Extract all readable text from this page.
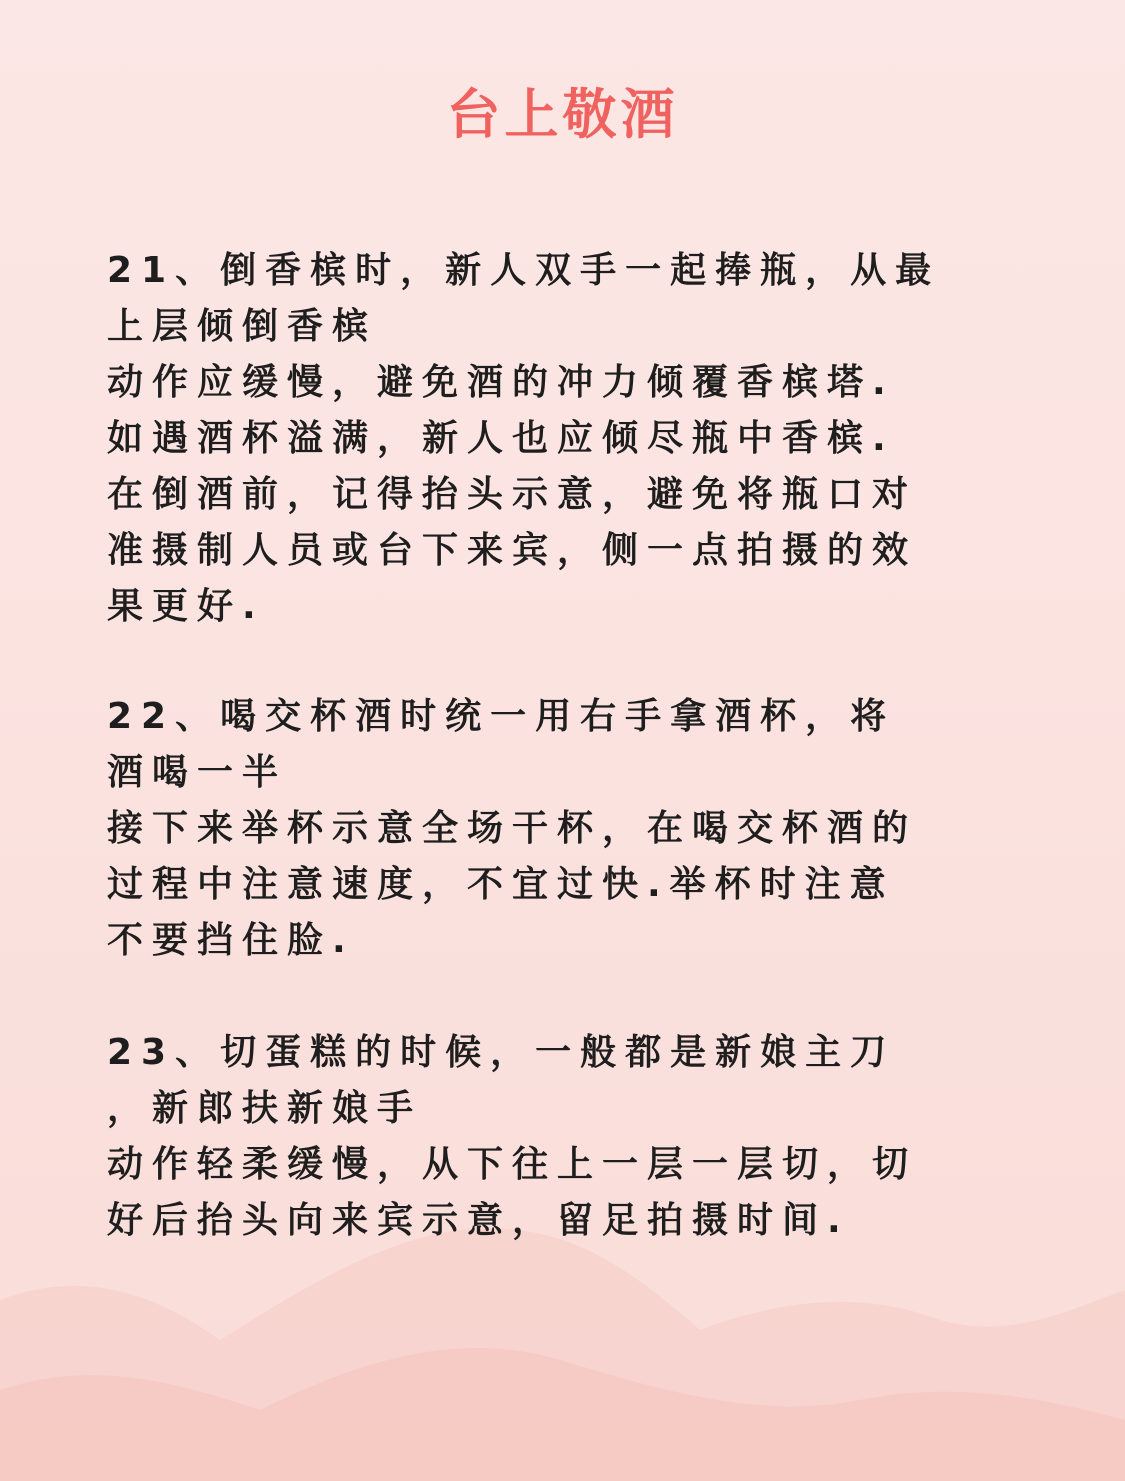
台上敬酒
21、倒香槟时，新人双手一起捧瓶，从最
上层倾倒香槟
动作应缓慢，避免酒的冲力倾覆香槟塔.
如遇酒杯溢满，新人也应倾尽瓶中香槟.
在倒酒前，记得抬头示意，避免将瓶口对
准摄制人员或台下来宾，侧一点拍摄的效
果更好.
22、喝交杯酒时统一用右手拿酒杯，将
酒喝一半
接下来举杯示意全场干杯，在喝交杯酒的
过程中注意速度，不宜过快.举杯时注意
不要挡住脸.
23、切蛋糕的时候，一般都是新娘主刀
，新郎扶新娘手
动作轻柔缓慢，从下往上一层一层切，切
好后抬头向来宾示意，留足拍摄时间.
